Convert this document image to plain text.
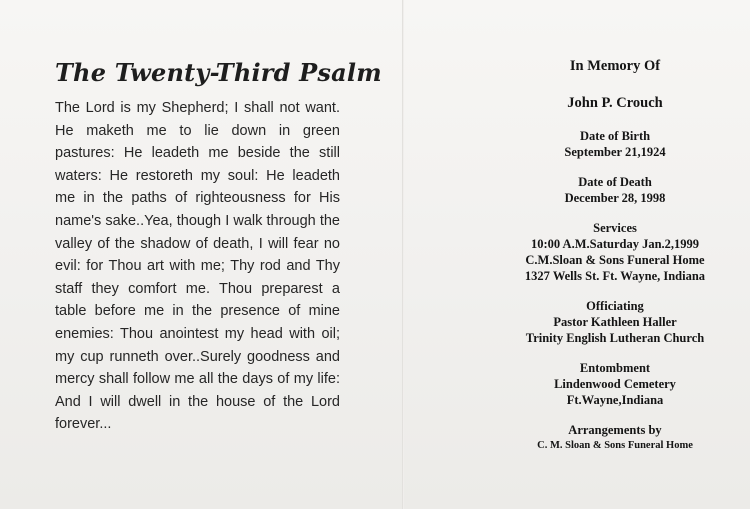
The Twenty-Third Psalm

The Lord is my Shepherd; I shall not want. He maketh me to lie down in green pastures: He leadeth me beside the still waters: He restoreth my soul: He leadeth me in the paths of righteousness for His name's sake..Yea, though I walk through the valley of the shadow of death, I will fear no evil: for Thou art with me; Thy rod and Thy staff they comfort me. Thou preparest a table before me in the presence of mine enemies: Thou anointest my head with oil; my cup runneth over..Surely goodness and mercy shall follow me all the days of my life: And I will dwell in the house of the Lord forever...

In Memory Of

John P. Crouch

Date of Birth

September 21,1924

Date of Death

December 28, 1998

Services

10:00 A.M.Saturday Jan.2,1999

C.M.Sloan & Sons Funeral Home

1327 Wells St. Ft. Wayne, Indiana

Officiating

Pastor Kathleen Haller

Trinity English Lutheran Church

Entombment

Lindenwood Cemetery

Ft.Wayne,Indiana

Arrangements by

C. M. Sloan & Sons Funeral Home
